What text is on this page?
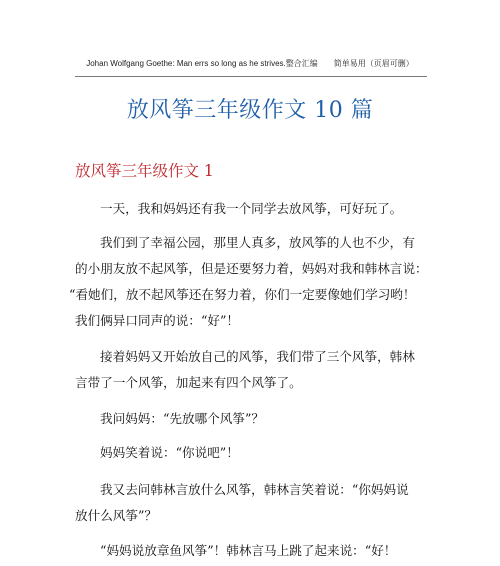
Johan Wolfgang Goethe: Man errs so long as he strives.整合汇编　　简单易用（页眉可删）
放风筝三年级作文 10 篇
放风筝三年级作文 1
一天，我和妈妈还有我一个同学去放风筝，可好玩了。
我们到了幸福公园，那里人真多，放风筝的人也不少，有
的小朋友放不起风筝，但是还要努力着，妈妈对我和韩林言说：
“看她们，放不起风筝还在努力着，你们一定要像她们学习哟！
我们俩异口同声的说：“好”！
接着妈妈又开始放自己的风筝，我们带了三个风筝，韩林
言带了一个风筝，加起来有四个风筝了。
我问妈妈：“先放哪个风筝”？
妈妈笑着说：“你说吧”！
我又去问韩林言放什么风筝，韩林言笑着说：“你妈妈说
放什么风筝”？
“妈妈说放章鱼风筝”！韩林言马上跳了起来说：“好！
